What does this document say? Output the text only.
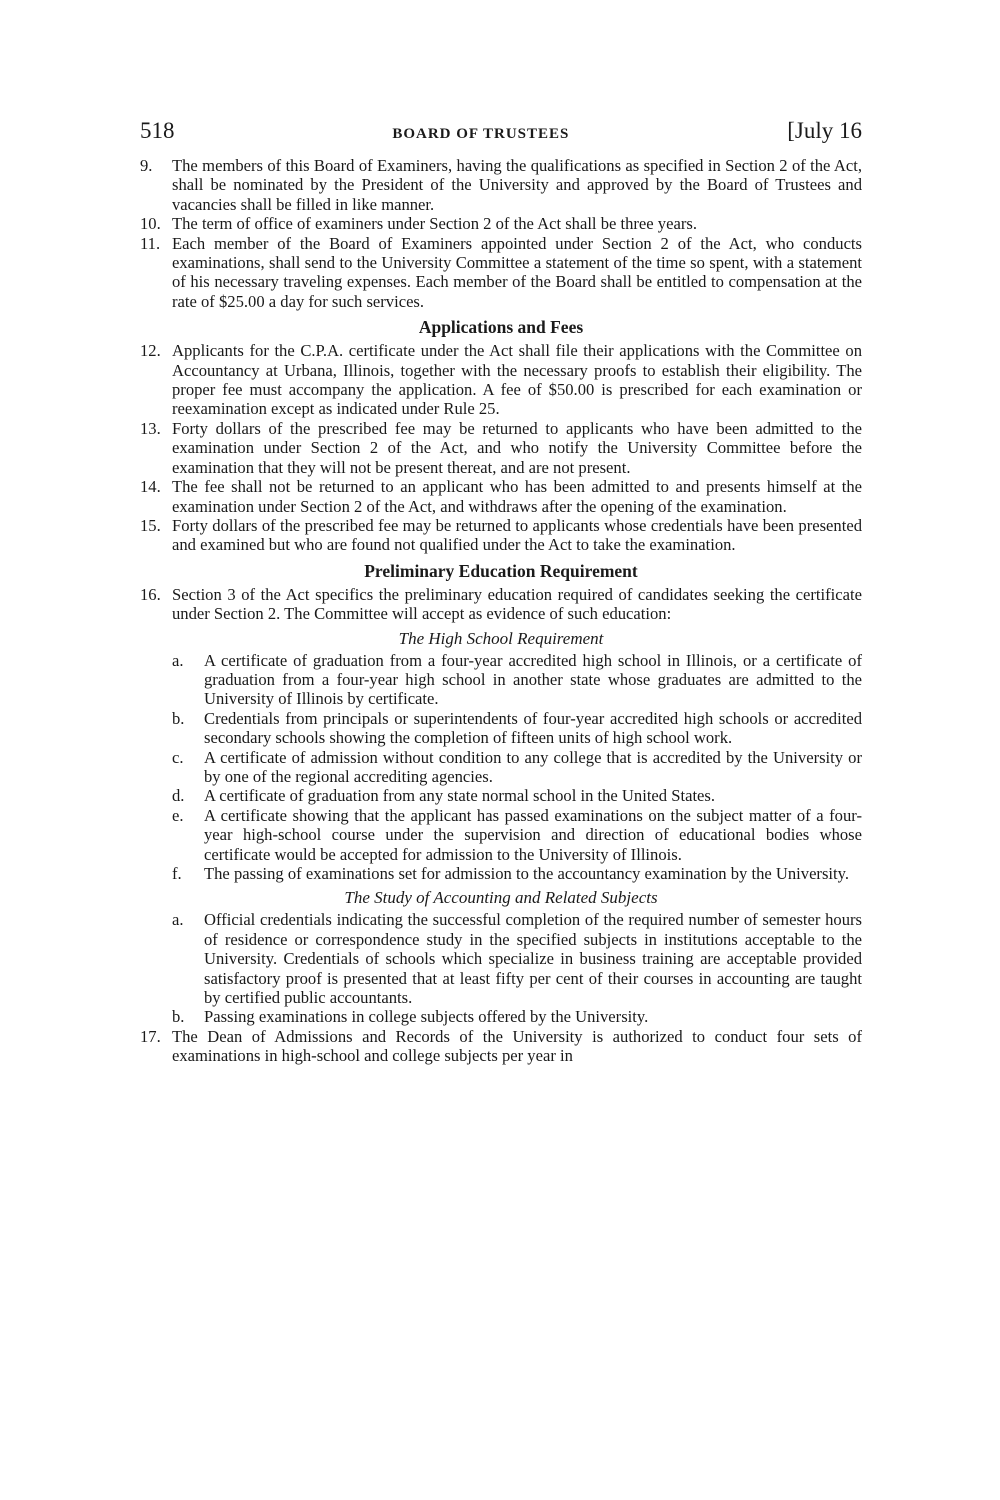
518	BOARD OF TRUSTEES	[July 16
9.	The members of this Board of Examiners, having the qualifications as specified in Section 2 of the Act, shall be nominated by the President of the University and approved by the Board of Trustees and vacancies shall be filled in like manner.
10. The term of office of examiners under Section 2 of the Act shall be three years.
11. Each member of the Board of Examiners appointed under Section 2 of the Act, who conducts examinations, shall send to the University Committee a statement of the time so spent, with a statement of his necessary traveling expenses. Each member of the Board shall be entitled to compensation at the rate of $25.00 a day for such services.
Applications and Fees
12. Applicants for the C.P.A. certificate under the Act shall file their applications with the Committee on Accountancy at Urbana, Illinois, together with the necessary proofs to establish their eligibility. The proper fee must accompany the application. A fee of $50.00 is prescribed for each examination or reexamination except as indicated under Rule 25.
13. Forty dollars of the prescribed fee may be returned to applicants who have been admitted to the examination under Section 2 of the Act, and who notify the University Committee before the examination that they will not be present thereat, and are not present.
14. The fee shall not be returned to an applicant who has been admitted to and presents himself at the examination under Section 2 of the Act, and withdraws after the opening of the examination.
15. Forty dollars of the prescribed fee may be returned to applicants whose credentials have been presented and examined but who are found not qualified under the Act to take the examination.
Preliminary Education Requirement
16. Section 3 of the Act specifics the preliminary education required of candidates seeking the certificate under Section 2. The Committee will accept as evidence of such education:
The High School Requirement
a.	A certificate of graduation from a four-year accredited high school in Illinois, or a certificate of graduation from a four-year high school in another state whose graduates are admitted to the University of Illinois by certificate.
b.	Credentials from principals or superintendents of four-year accredited high schools or accredited secondary schools showing the completion of fifteen units of high school work.
c.	A certificate of admission without condition to any college that is accredited by the University or by one of the regional accrediting agencies.
d.	A certificate of graduation from any state normal school in the United States.
e.	A certificate showing that the applicant has passed examinations on the subject matter of a four-year high-school course under the supervision and direction of educational bodies whose certificate would be accepted for admission to the University of Illinois.
f.	The passing of examinations set for admission to the accountancy examination by the University.
The Study of Accounting and Related Subjects
a.	Official credentials indicating the successful completion of the required number of semester hours of residence or correspondence study in the specified subjects in institutions acceptable to the University. Credentials of schools which specialize in business training are acceptable provided satisfactory proof is presented that at least fifty per cent of their courses in accounting are taught by certified public accountants.
b.	Passing examinations in college subjects offered by the University.
17. The Dean of Admissions and Records of the University is authorized to conduct four sets of examinations in high-school and college subjects per year in
